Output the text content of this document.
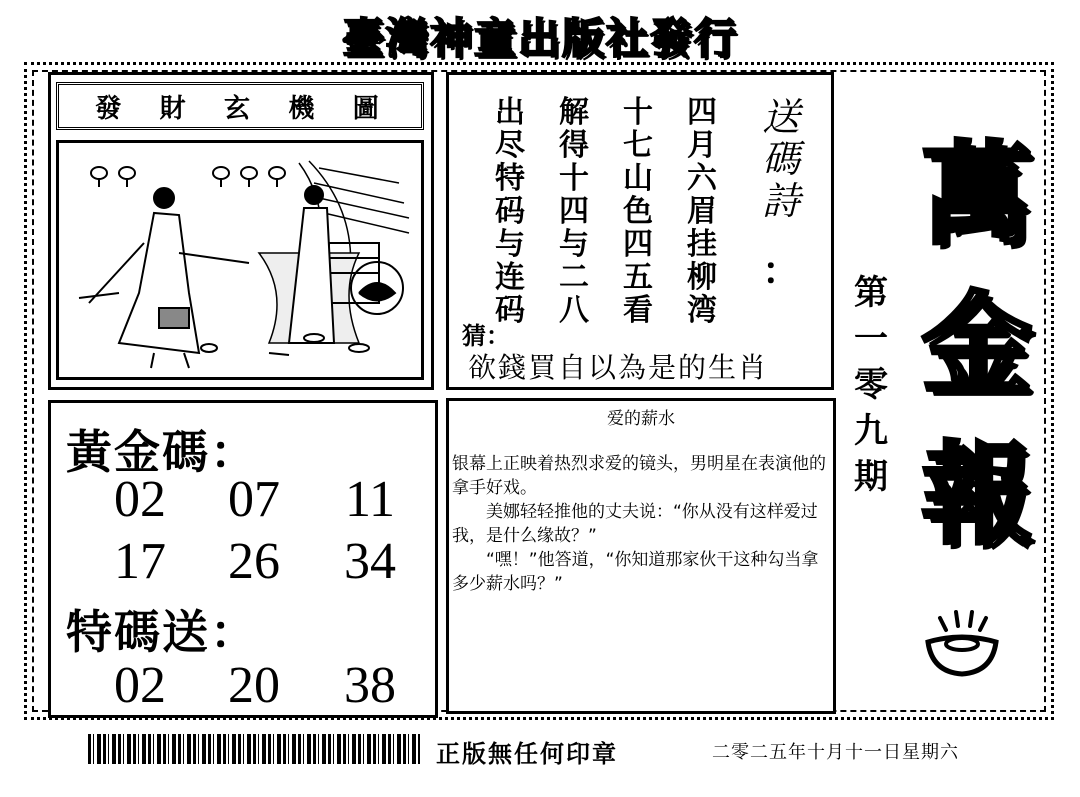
臺灣神童出版社發行
發 財 玄 機 圖	四月六眉挂柳湾
十七山色四五看
解得十四与二八
出尽特码与连码
送碼詩
：
猜：
欲錢買自以為是的生肖
萬
金
報
第
一
零
九
期
黃金碼：
02 07 11
17 26 34
特碼送：
02 20 38
爱的薪水

银幕上正映着热烈求爱的镜头，男明星在表演他的拿手好戏。

　　美娜轻轻推他的丈夫说：“你从没有这样爱过我，是什么缘故？”

　　“嘿！”他答道，“你知道那家伙干这种勾当拿多少薪水吗？”

正版無任何印章	二零二五年十月十一日星期六
